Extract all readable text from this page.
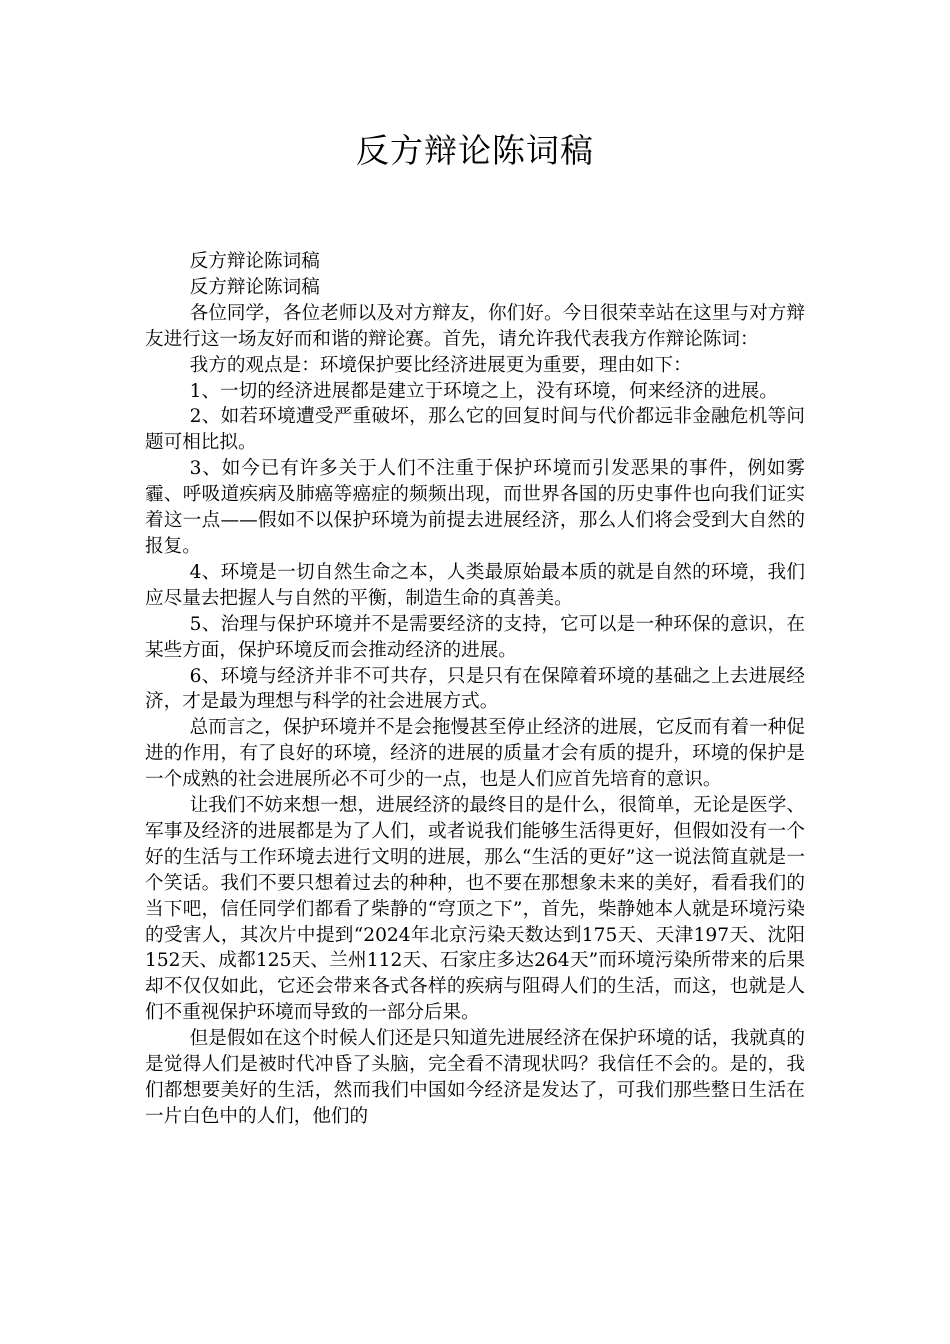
反方辩论陈词稿

反方辩论陈词稿

反方辩论陈词稿

各位同学，各位老师以及对方辩友，你们好。今日很荣幸站在这里与对方辩友进行这一场友好而和谐的辩论赛。首先，请允许我代表我方作辩论陈词：

我方的观点是：环境保护要比经济进展更为重要，理由如下：

1、一切的经济进展都是建立于环境之上，没有环境，何来经济的进展。

2、如若环境遭受严重破坏，那么它的回复时间与代价都远非金融危机等问题可相比拟。

3、如今已有许多关于人们不注重于保护环境而引发恶果的事件，例如雾霾、呼吸道疾病及肺癌等癌症的频频出现，而世界各国的历史事件也向我们证实着这一点——假如不以保护环境为前提去进展经济，那么人们将会受到大自然的报复。

4、环境是一切自然生命之本，人类最原始最本质的就是自然的环境，我们应尽量去把握人与自然的平衡，制造生命的真善美。

5、治理与保护环境并不是需要经济的支持，它可以是一种环保的意识，在某些方面，保护环境反而会推动经济的进展。

6、环境与经济并非不可共存，只是只有在保障着环境的基础之上去进展经济，才是最为理想与科学的社会进展方式。

总而言之，保护环境并不是会拖慢甚至停止经济的进展，它反而有着一种促进的作用，有了良好的环境，经济的进展的质量才会有质的提升，环境的保护是一个成熟的社会进展所必不可少的一点，也是人们应首先培育的意识。

让我们不妨来想一想，进展经济的最终目的是什么，很简单，无论是医学、军事及经济的进展都是为了人们，或者说我们能够生活得更好，但假如没有一个好的生活与工作环境去进行文明的进展，那么“生活的更好”这一说法简直就是一个笑话。我们不要只想着过去的种种，也不要在那想象未来的美好，看看我们的当下吧，信任同学们都看了柴静的“穹顶之下”，首先，柴静她本人就是环境污染的受害人，其次片中提到“2024年北京污染天数达到175天、天津197天、沈阳152天、成都125天、兰州112天、石家庄多达264天”而环境污染所带来的后果却不仅仅如此，它还会带来各式各样的疾病与阻碍人们的生活，而这，也就是人们不重视保护环境而导致的一部分后果。

但是假如在这个时候人们还是只知道先进展经济在保护环境的话，我就真的是觉得人们是被时代冲昏了头脑，完全看不清现状吗？我信任不会的。是的，我们都想要美好的生活，然而我们中国如今经济是发达了，可我们那些整日生活在一片白色中的人们，他们的
